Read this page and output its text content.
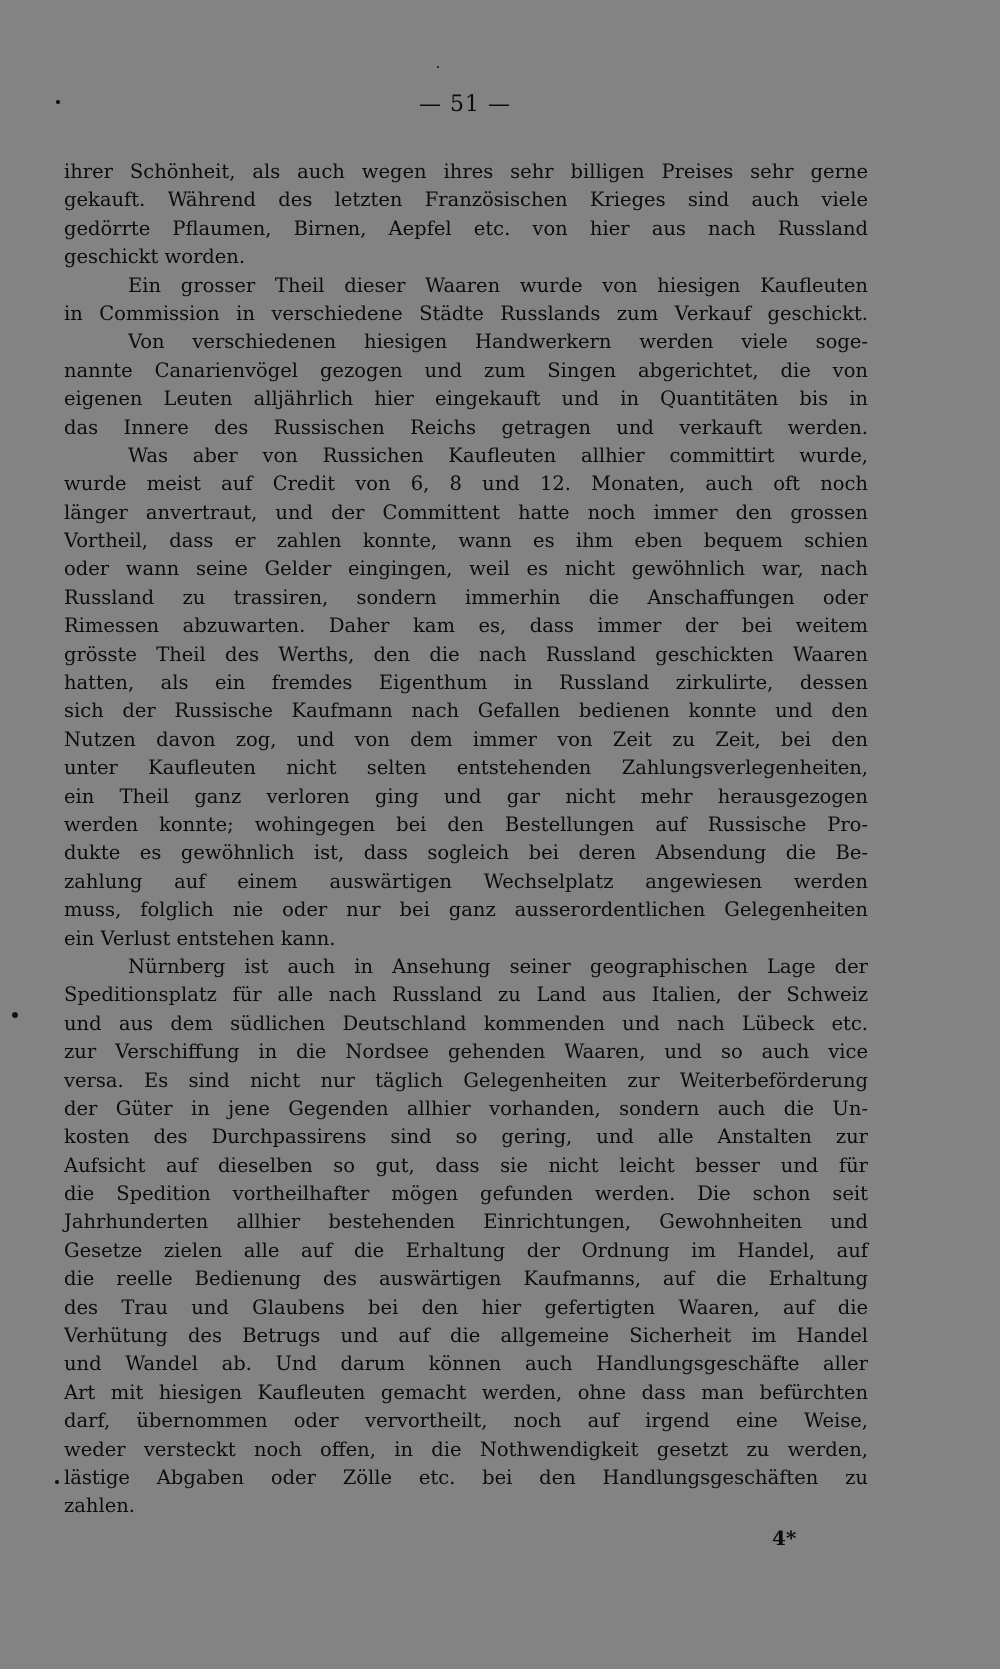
— 51 —
ihrer Schönheit, als auch wegen ihres sehr billigen Preises sehr gerne
gekauft. Während des letzten Französischen Krieges sind auch viele
gedörrte Pflaumen, Birnen, Aepfel etc. von hier aus nach Russland
geschickt worden.
Ein grosser Theil dieser Waaren wurde von hiesigen Kaufleuten
in Commission in verschiedene Städte Russlands zum Verkauf geschickt.
Von verschiedenen hiesigen Handwerkern werden viele soge-
nannte Canarienvögel gezogen und zum Singen abgerichtet, die von
eigenen Leuten alljährlich hier eingekauft und in Quantitäten bis in
das Innere des Russischen Reichs getragen und verkauft werden.
Was aber von Russichen Kaufleuten allhier committirt wurde,
wurde meist auf Credit von 6, 8 und 12. Monaten, auch oft noch
länger anvertraut, und der Committent hatte noch immer den grossen
Vortheil, dass er zahlen konnte, wann es ihm eben bequem schien
oder wann seine Gelder eingingen, weil es nicht gewöhnlich war, nach
Russland zu trassiren, sondern immerhin die Anschaffungen oder
Rimessen abzuwarten. Daher kam es, dass immer der bei weitem
grösste Theil des Werths, den die nach Russland geschickten Waaren
hatten, als ein fremdes Eigenthum in Russland zirkulirte, dessen
sich der Russische Kaufmann nach Gefallen bedienen konnte und den
Nutzen davon zog, und von dem immer von Zeit zu Zeit, bei den
unter Kaufleuten nicht selten entstehenden Zahlungsverlegenheiten,
ein Theil ganz verloren ging und gar nicht mehr herausgezogen
werden konnte; wohingegen bei den Bestellungen auf Russische Pro-
dukte es gewöhnlich ist, dass sogleich bei deren Absendung die Be-
zahlung auf einem auswärtigen Wechselplatz angewiesen werden
muss, folglich nie oder nur bei ganz ausserordentlichen Gelegenheiten
ein Verlust entstehen kann.
Nürnberg ist auch in Ansehung seiner geographischen Lage der
Speditionsplatz für alle nach Russland zu Land aus Italien, der Schweiz
und aus dem südlichen Deutschland kommenden und nach Lübeck etc.
zur Verschiffung in die Nordsee gehenden Waaren, und so auch vice
versa. Es sind nicht nur täglich Gelegenheiten zur Weiterbeförderung
der Güter in jene Gegenden allhier vorhanden, sondern auch die Un-
kosten des Durchpassirens sind so gering, und alle Anstalten zur
Aufsicht auf dieselben so gut, dass sie nicht leicht besser und für
die Spedition vortheilhafter mögen gefunden werden. Die schon seit
Jahrhunderten allhier bestehenden Einrichtungen, Gewohnheiten und
Gesetze zielen alle auf die Erhaltung der Ordnung im Handel, auf
die reelle Bedienung des auswärtigen Kaufmanns, auf die Erhaltung
des Trau und Glaubens bei den hier gefertigten Waaren, auf die
Verhütung des Betrugs und auf die allgemeine Sicherheit im Handel
und Wandel ab. Und darum können auch Handlungsgeschäfte aller
Art mit hiesigen Kaufleuten gemacht werden, ohne dass man befürchten
darf, übernommen oder vervortheilt, noch auf irgend eine Weise,
weder versteckt noch offen, in die Nothwendigkeit gesetzt zu werden,
lästige Abgaben oder Zölle etc. bei den Handlungsgeschäften zu
zahlen.
4*
